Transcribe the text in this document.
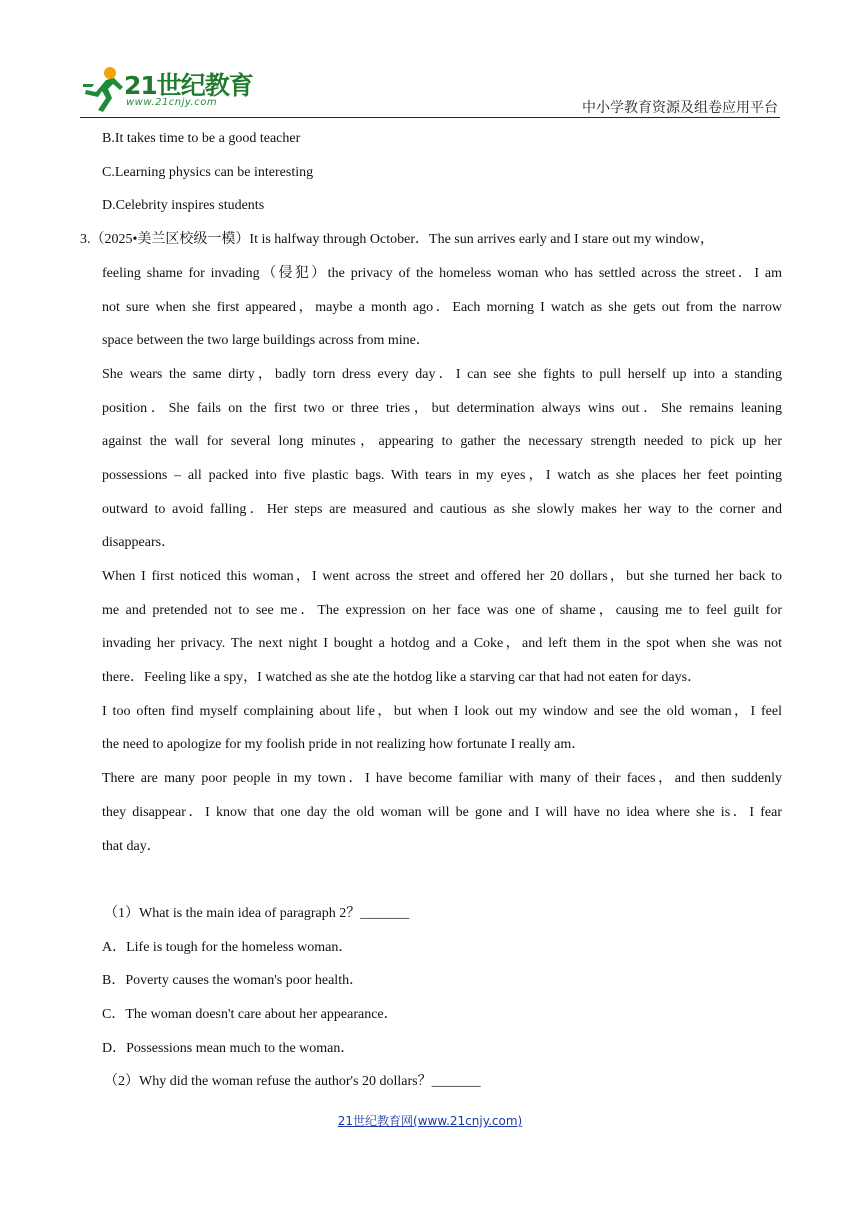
21世纪教育
www.21cnjy.com	中小学教育资源及组卷应用平台
B.It takes time to be a good teacher
C.Learning physics can be interesting
D.Celebrity inspires students
3.（2025•美兰区校级一模）It is halfway through October．The sun arrives early and I stare out my window，
feeling shame for invading（侵犯）the privacy of the homeless woman who has settled across the street．I am
not sure when she first appeared，maybe a month ago．Each morning I watch as she gets out from the narrow
space between the two large buildings across from mine．
She wears the same dirty，badly torn dress every day．I can see she fights to pull herself up into a standing
position．She fails on the first two or three tries，but determination always wins out．She remains leaning
against the wall for several long minutes，appearing to gather the necessary strength needed to pick up her
possessions – all packed into five plastic bags. With tears in my eyes，I watch as she places her feet pointing
outward to avoid falling．Her steps are measured and cautious as she slowly makes her way to the corner and
disappears．
When I first noticed this woman，I went across the street and offered her 20 dollars，but she turned her back to
me and pretended not to see me．The expression on her face was one of shame，causing me to feel guilt for
invading her privacy. The next night I bought a hotdog and a Coke，and left them in the spot when she was not
there．Feeling like a spy，I watched as she ate the hotdog like a starving car that had not eaten for days．
I too often find myself complaining about life，but when I look out my window and see the old woman，I feel
the need to apologize for my foolish pride in not realizing how fortunate I really am．
There are many poor people in my town．I have become familiar with many of their faces，and then suddenly
they disappear．I know that one day the old woman will be gone and I will have no idea where she is．I fear
that day．
（1）What is the main idea of paragraph 2？_______
A．Life is tough for the homeless woman．
B．Poverty causes the woman's poor health．
C．The woman doesn't care about her appearance．
D．Possessions mean much to the woman．
（2）Why did the woman refuse the author's 20 dollars？_______
21世纪教育网(www.21cnjy.com)
